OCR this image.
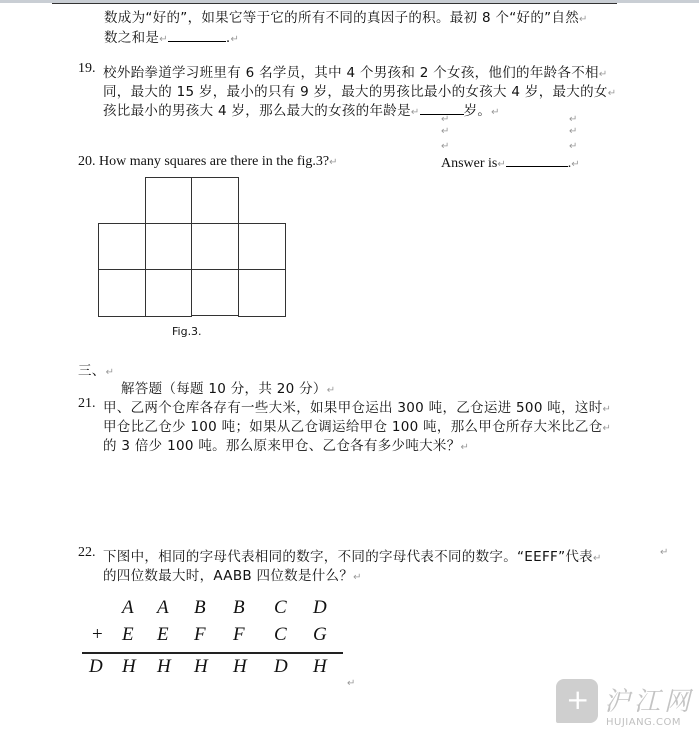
数成为“好的”，如果它等于它的所有不同的真因子的积。最初 8 个“好的”自然↵
数之和是↵	.↵
19. 校外跆拳道学习班里有 6 名学员，其中 4 个男孩和 2 个女孩，他们的年龄各不相↵
同，最大的 15 岁，最小的只有 9 岁，最大的男孩比最小的女孩大 4 岁，最大的女↵
孩比最小的男孩大 4 岁，那么最大的女孩的年龄是↵	岁。↵
↵	↵
↵	↵
↵	↵
20. How many squares are there in the fig.3?↵	Answer is↵	.↵
Fig.3.
三、↵
解答题（每题 10 分，共 20 分）↵
21. 甲、乙两个仓库各存有一些大米，如果甲仓运出 300 吨，乙仓运进 500 吨，这时↵
甲仓比乙仓少 100 吨；如果从乙仓调运给甲仓 100 吨，那么甲仓所存大米比乙仓↵
的 3 倍少 100 吨。那么原来甲仓、乙仓各有多少吨大米？↵
22. 下图中，相同的字母代表相同的数字，不同的字母代表不同的数字。“EEFF”代表↵
↵
的四位数最大时，AABB 四位数是什么？↵
A A B B C D
+ E E F F C G
D H H H H D H
↵	+ 沪江网
HUJIANG.COM
